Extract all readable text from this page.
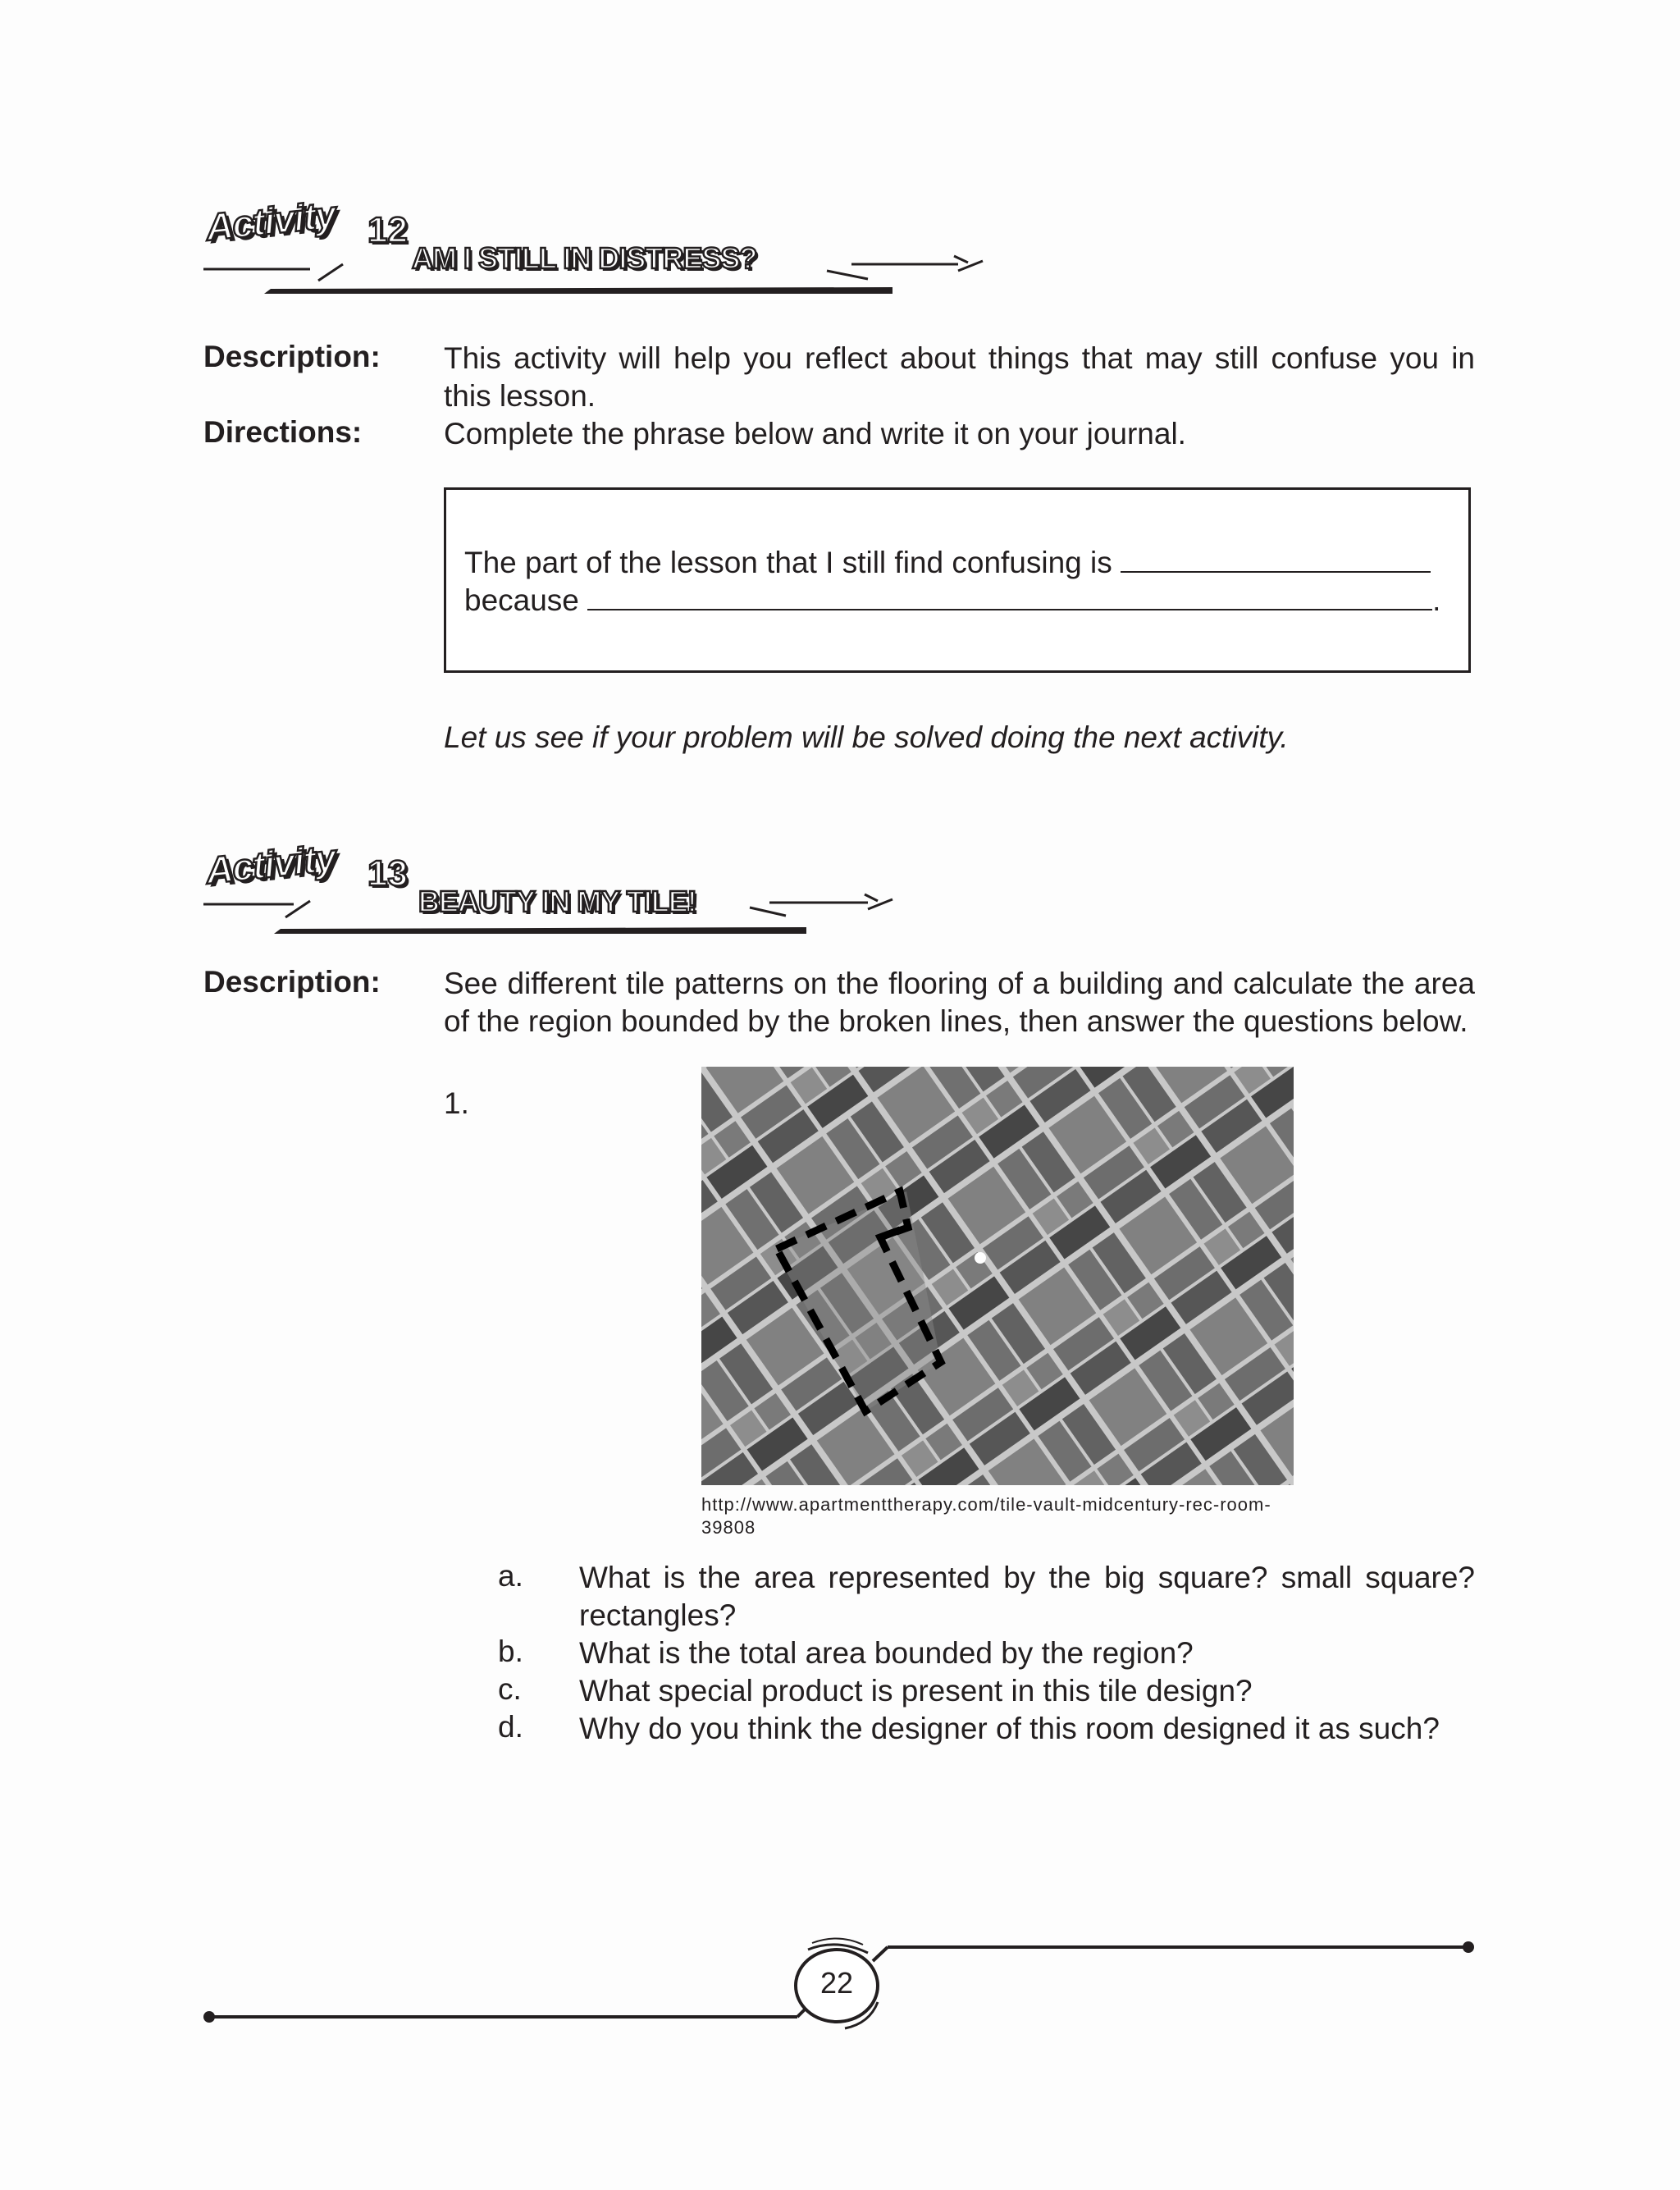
Activity 12
AM I STILL IN DISTRESS?
Description: This activity will help you reflect about things that may still confuse you in this lesson.
Directions:	Complete the phrase below and write it on your journal.
The part of the lesson that I still find confusing is
because	.
Let us see if your problem will be solved doing the next activity.
Activity 13
BEAUTY IN MY TILE!
Description: See different tile patterns on the flooring of a building and calculate the area of the region bounded by the broken lines, then answer the questions below.
1.
http://www.apartmenttherapy.com/tile-vault-midcentury-rec-room-39808
a. What is the area represented by the big square? small square? rectangles?
b. What is the total area bounded by the region?
c. What special product is present in this tile design?
d. Why do you think the designer of this room designed it as such?
22
